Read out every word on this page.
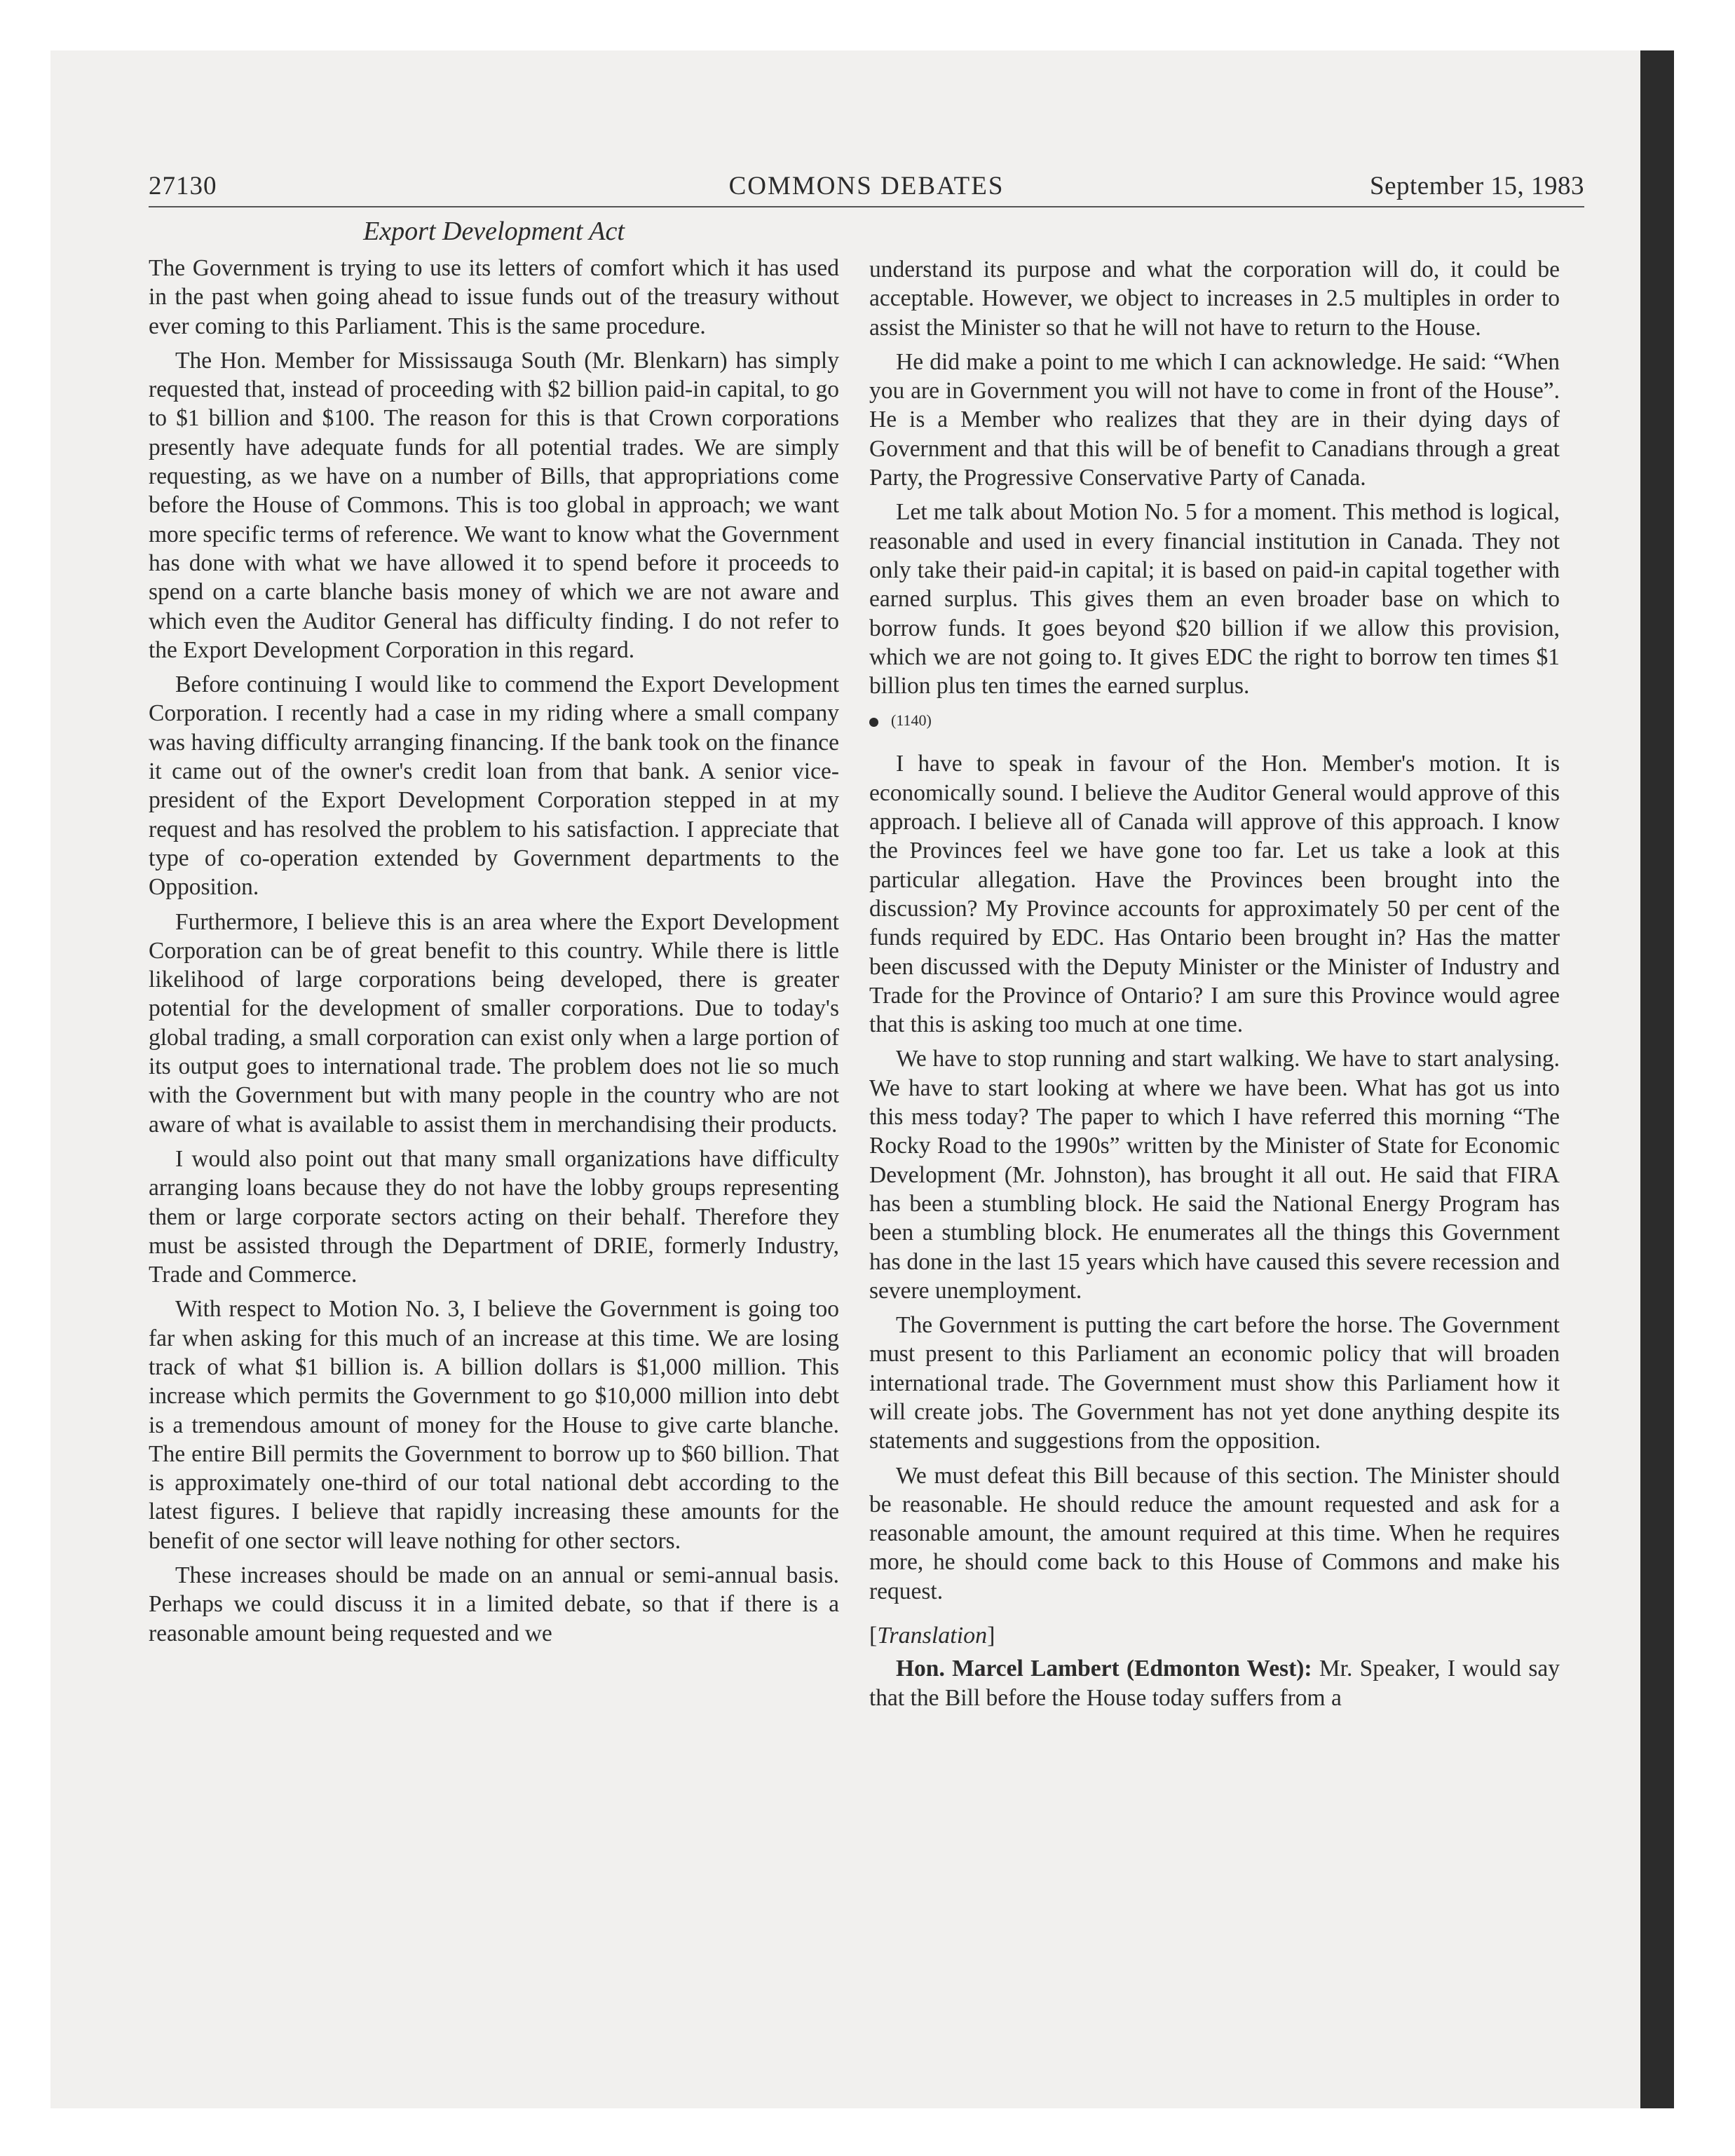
27130	COMMONS DEBATES	September 15, 1983
Export Development Act

The Government is trying to use its letters of comfort which it has used in the past when going ahead to issue funds out of the treasury without ever coming to this Parliament. This is the same procedure.

The Hon. Member for Mississauga South (Mr. Blenkarn) has simply requested that, instead of proceeding with $2 billion paid-in capital, to go to $1 billion and $100. The reason for this is that Crown corporations presently have adequate funds for all potential trades. We are simply requesting, as we have on a number of Bills, that appropriations come before the House of Commons. This is too global in approach; we want more specific terms of reference. We want to know what the Government has done with what we have allowed it to spend before it proceeds to spend on a carte blanche basis money of which we are not aware and which even the Auditor General has difficulty finding. I do not refer to the Export Development Corporation in this regard.

Before continuing I would like to commend the Export Development Corporation. I recently had a case in my riding where a small company was having difficulty arranging financing. If the bank took on the finance it came out of the owner's credit loan from that bank. A senior vice-president of the Export Development Corporation stepped in at my request and has resolved the problem to his satisfaction. I appreciate that type of co-operation extended by Government departments to the Opposition.

Furthermore, I believe this is an area where the Export Development Corporation can be of great benefit to this country. While there is little likelihood of large corporations being developed, there is greater potential for the development of smaller corporations. Due to today's global trading, a small corporation can exist only when a large portion of its output goes to international trade. The problem does not lie so much with the Government but with many people in the country who are not aware of what is available to assist them in merchandising their products.

I would also point out that many small organizations have difficulty arranging loans because they do not have the lobby groups representing them or large corporate sectors acting on their behalf. Therefore they must be assisted through the Department of DRIE, formerly Industry, Trade and Commerce.

With respect to Motion No. 3, I believe the Government is going too far when asking for this much of an increase at this time. We are losing track of what $1 billion is. A billion dollars is $1,000 million. This increase which permits the Government to go $10,000 million into debt is a tremendous amount of money for the House to give carte blanche. The entire Bill permits the Government to borrow up to $60 billion. That is approximately one-third of our total national debt according to the latest figures. I believe that rapidly increasing these amounts for the benefit of one sector will leave nothing for other sectors.

These increases should be made on an annual or semi-annual basis. Perhaps we could discuss it in a limited debate, so that if there is a reasonable amount being requested and we

understand its purpose and what the corporation will do, it could be acceptable. However, we object to increases in 2.5 multiples in order to assist the Minister so that he will not have to return to the House.

He did make a point to me which I can acknowledge. He said: “When you are in Government you will not have to come in front of the House”. He is a Member who realizes that they are in their dying days of Government and that this will be of benefit to Canadians through a great Party, the Progressive Conservative Party of Canada.

Let me talk about Motion No. 5 for a moment. This method is logical, reasonable and used in every financial institution in Canada. They not only take their paid-in capital; it is based on paid-in capital together with earned surplus. This gives them an even broader base on which to borrow funds. It goes beyond $20 billion if we allow this provision, which we are not going to. It gives EDC the right to borrow ten times $1 billion plus ten times the earned surplus.

(1140)

I have to speak in favour of the Hon. Member's motion. It is economically sound. I believe the Auditor General would approve of this approach. I believe all of Canada will approve of this approach. I know the Provinces feel we have gone too far. Let us take a look at this particular allegation. Have the Provinces been brought into the discussion? My Province accounts for approximately 50 per cent of the funds required by EDC. Has Ontario been brought in? Has the matter been discussed with the Deputy Minister or the Minister of Industry and Trade for the Province of Ontario? I am sure this Province would agree that this is asking too much at one time.

We have to stop running and start walking. We have to start analysing. We have to start looking at where we have been. What has got us into this mess today? The paper to which I have referred this morning “The Rocky Road to the 1990s” written by the Minister of State for Economic Development (Mr. Johnston), has brought it all out. He said that FIRA has been a stumbling block. He said the National Energy Program has been a stumbling block. He enumerates all the things this Government has done in the last 15 years which have caused this severe recession and severe unemployment.

The Government is putting the cart before the horse. The Government must present to this Parliament an economic policy that will broaden international trade. The Government must show this Parliament how it will create jobs. The Government has not yet done anything despite its statements and suggestions from the opposition.

We must defeat this Bill because of this section. The Minister should be reasonable. He should reduce the amount requested and ask for a reasonable amount, the amount required at this time. When he requires more, he should come back to this House of Commons and make his request.

[Translation]

Hon. Marcel Lambert (Edmonton West): Mr. Speaker, I would say that the Bill before the House today suffers from a
